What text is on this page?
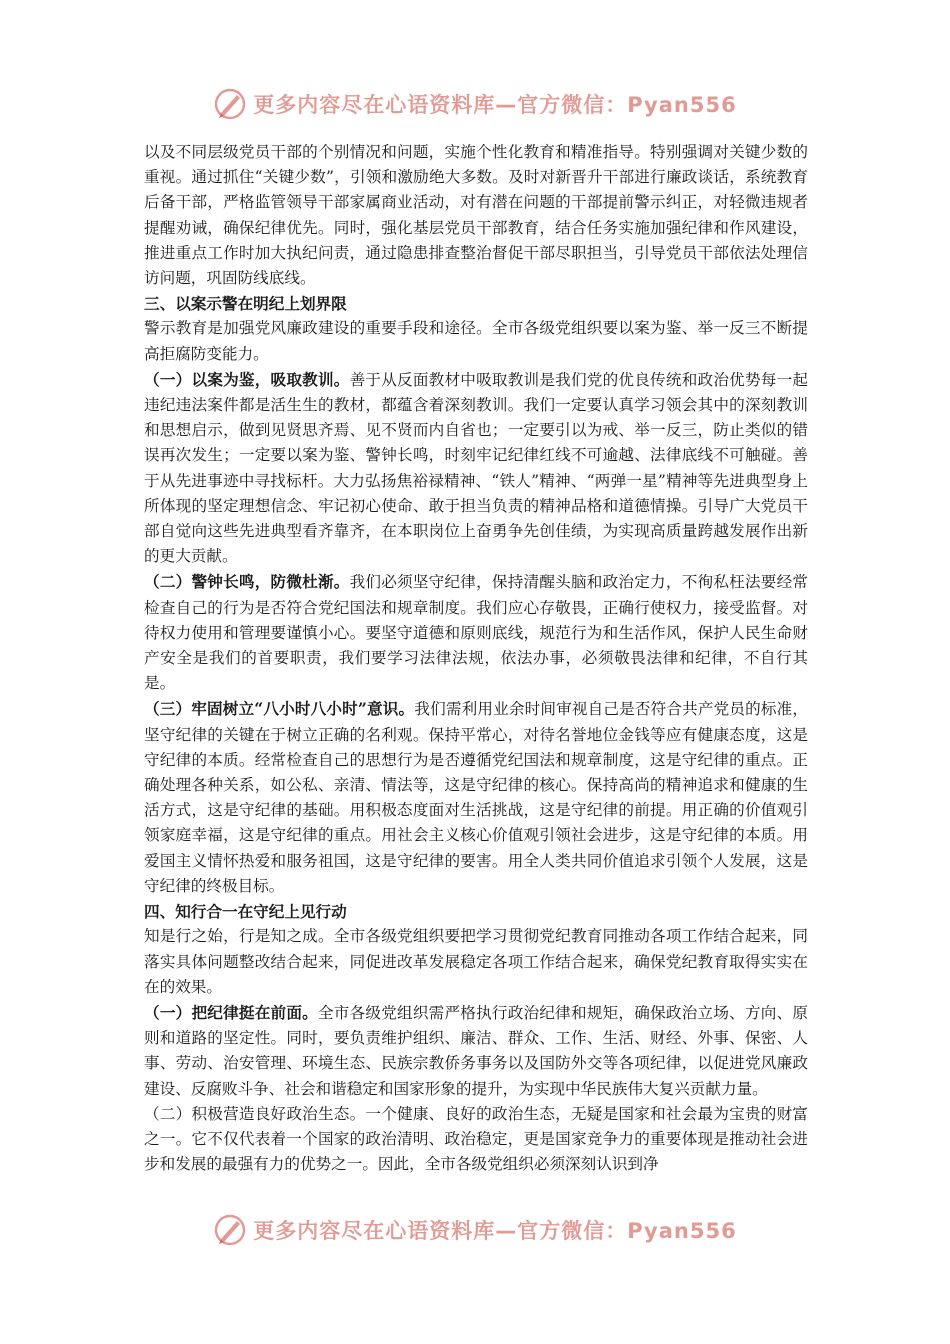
更多内容尽在心语资料库—官方微信：Pyan556

以及不同层级党员干部的个别情况和问题，实施个性化教育和精准指导。特别强调对关键少数的重视。通过抓住“关键少数”，引领和激励绝大多数。及时对新晋升干部进行廉政谈话，系统教育后备干部，严格监管领导干部家属商业活动，对有潜在问题的干部提前警示纠正，对轻微违规者提醒劝诫，确保纪律优先。同时，强化基层党员干部教育，结合任务实施加强纪律和作风建设，推进重点工作时加大执纪问责，通过隐患排查整治督促干部尽职担当，引导党员干部依法处理信访问题，巩固防线底线。

三、以案示警在明纪上划界限

警示教育是加强党风廉政建设的重要手段和途径。全市各级党组织要以案为鉴、举一反三不断提高拒腐防变能力。

（一）以案为鉴，吸取教训。善于从反面教材中吸取教训是我们党的优良传统和政治优势每一起违纪违法案件都是活生生的教材，都蕴含着深刻教训。我们一定要认真学习领会其中的深刻教训和思想启示，做到见贤思齐焉、见不贤而内自省也；一定要引以为戒、举一反三，防止类似的错误再次发生；一定要以案为鉴、警钟长鸣，时刻牢记纪律红线不可逾越、法律底线不可触碰。善于从先进事迹中寻找标杆。大力弘扬焦裕禄精神、“铁人”精神、“两弹一星”精神等先进典型身上所体现的坚定理想信念、牢记初心使命、敢于担当负责的精神品格和道德情操。引导广大党员干部自觉向这些先进典型看齐靠齐，在本职岗位上奋勇争先创佳绩，为实现高质量跨越发展作出新的更大贡献。

（二）警钟长鸣，防微杜渐。我们必须坚守纪律，保持清醒头脑和政治定力，不徇私枉法要经常检查自己的行为是否符合党纪国法和规章制度。我们应心存敬畏，正确行使权力，接受监督。对待权力使用和管理要谨慎小心。要坚守道德和原则底线，规范行为和生活作风，保护人民生命财产安全是我们的首要职责，我们要学习法律法规，依法办事，必须敬畏法律和纪律，不自行其是。

（三）牢固树立“八小时八小时”意识。我们需利用业余时间审视自己是否符合共产党员的标准，坚守纪律的关键在于树立正确的名利观。保持平常心，对待名誉地位金钱等应有健康态度，这是守纪律的本质。经常检查自己的思想行为是否遵循党纪国法和规章制度，这是守纪律的重点。正确处理各种关系，如公私、亲清、情法等，这是守纪律的核心。保持高尚的精神追求和健康的生活方式，这是守纪律的基础。用积极态度面对生活挑战，这是守纪律的前提。用正确的价值观引领家庭幸福，这是守纪律的重点。用社会主义核心价值观引领社会进步，这是守纪律的本质。用爱国主义情怀热爱和服务祖国，这是守纪律的要害。用全人类共同价值追求引领个人发展，这是守纪律的终极目标。

四、知行合一在守纪上见行动

知是行之始，行是知之成。全市各级党组织要把学习贯彻党纪教育同推动各项工作结合起来，同落实具体问题整改结合起来，同促进改革发展稳定各项工作结合起来，确保党纪教育取得实实在在的效果。

（一）把纪律挺在前面。全市各级党组织需严格执行政治纪律和规矩，确保政治立场、方向、原则和道路的坚定性。同时，要负责维护组织、廉洁、群众、工作、生活、财经、外事、保密、人事、劳动、治安管理、环境生态、民族宗教侨务事务以及国防外交等各项纪律，以促进党风廉政建设、反腐败斗争、社会和谐稳定和国家形象的提升，为实现中华民族伟大复兴贡献力量。

（二）积极营造良好政治生态。一个健康、良好的政治生态，无疑是国家和社会最为宝贵的财富之一。它不仅代表着一个国家的政治清明、政治稳定，更是国家竞争力的重要体现是推动社会进步和发展的最强有力的优势之一。因此，全市各级党组织必须深刻认识到净

更多内容尽在心语资料库—官方微信：Pyan556
